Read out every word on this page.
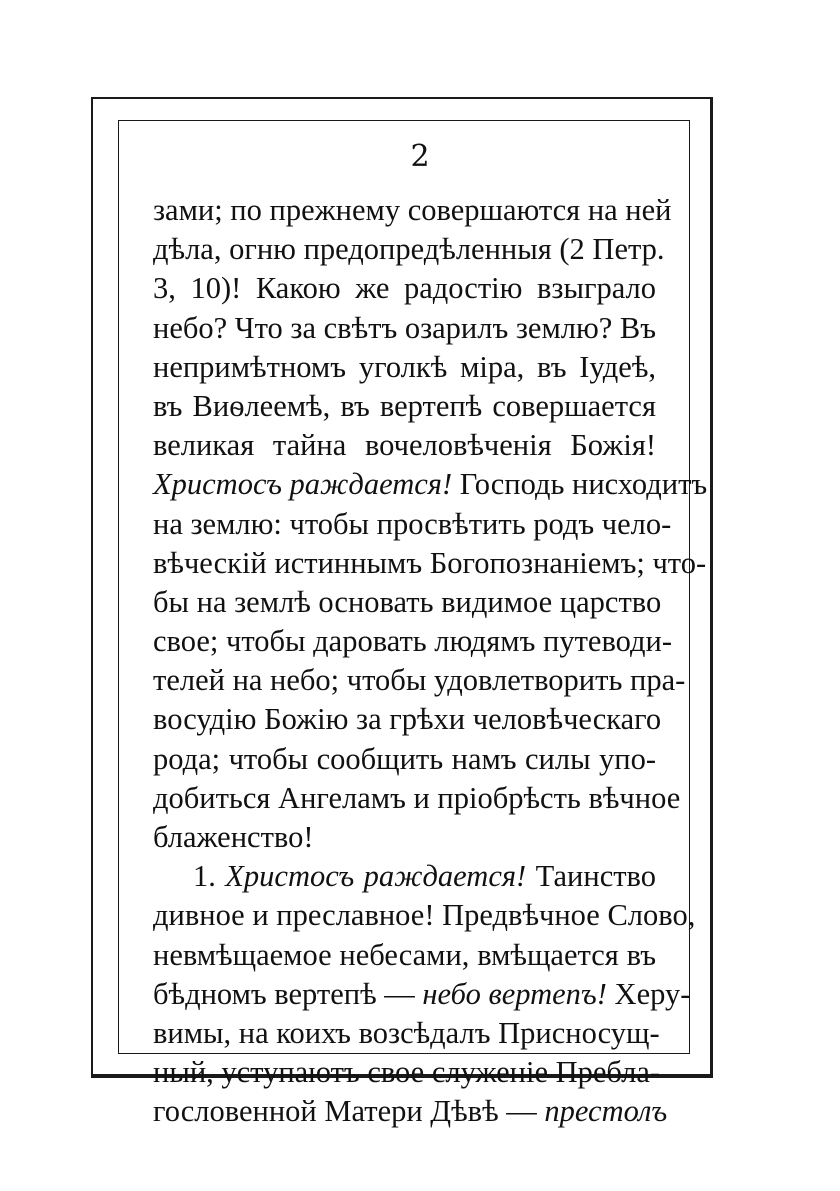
2
зами; по прежнему совершаются на ней
дѣла, огню предопредѣленныя (2 Петр.
3, 10)! Какою же радостію взыграло
небо? Что за свѣтъ озарилъ землю? Въ
непримѣтномъ уголкѣ міра, въ Іудеѣ,
въ Виѳлеемѣ, въ вертепѣ совершается
великая тайна вочеловѣченія Божія!
Христосъ раждается! Господь нисходитъ
на землю: чтобы просвѣтить родъ чело-
вѣческій истиннымъ Богопознаніемъ; что-
бы на землѣ основать видимое царство
свое; чтобы даровать людямъ путеводи-
телей на небо; чтобы удовлетворить пра-
восудію Божію за грѣхи человѣческаго
рода; чтобы сообщить намъ силы упо-
добиться Ангеламъ и пріобрѣсть вѣчное
блаженство!
1. Христосъ раждается! Таинство
дивное и преславное! Предвѣчное Слово,
невмѣщаемое небесами, вмѣщается въ
бѣдномъ вертепѣ — небо вертепъ! Херу-
вимы, на коихъ возсѣдалъ Присносущ-
ный, уступаютъ свое служеніе Пребла-
гословенной Матери Дѣвѣ — престолъ
